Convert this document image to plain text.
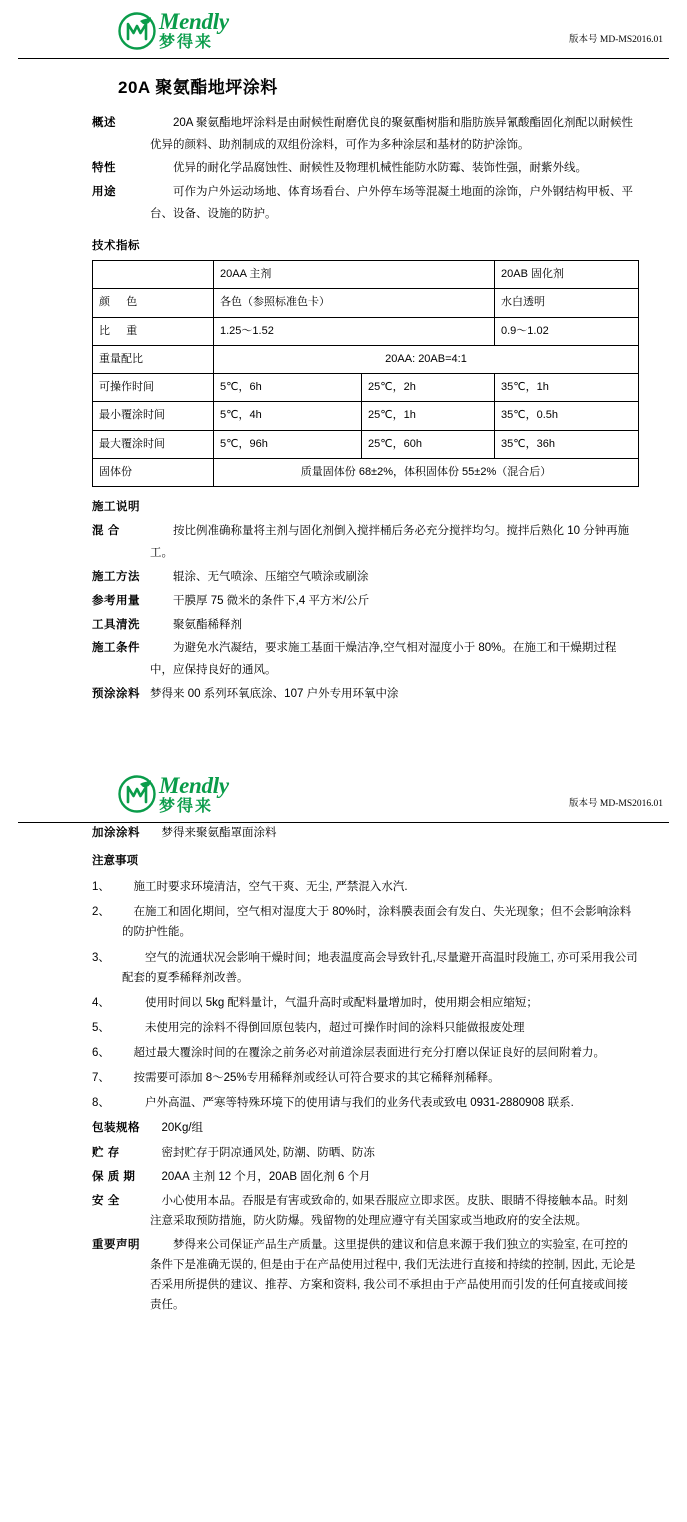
Mendly
梦得来	版本号 MD-MS2016.01
20A 聚氨酯地坪涂料
概述	20A 聚氨酯地坪涂料是由耐候性耐磨优良的聚氨酯树脂和脂肪族异氰酸酯固化剂配以耐候性优异的颜料、助剂制成的双组份涂料，可作为多种涂层和基材的防护涂饰。
特性	优异的耐化学品腐蚀性、耐候性及物理机械性能防水防霉、装饰性强，耐紫外线。
用途	可作为户外运动场地、体育场看台、户外停车场等混凝土地面的涂饰，户外钢结构甲板、平台、设备、设施的防护。
技术指标
	20AA 主剂		20AB 固化剂
颜 色	各色（参照标准色卡）		水白透明
比 重	1.25～1.52		0.9～1.02
重量配比	20AA: 20AB=4:1		
可操作时间	5℃，6h	25℃，2h	35℃，1h
最小覆涂时间	5℃，4h	25℃，1h	35℃，0.5h
最大覆涂时间	5℃，96h	25℃，60h	35℃，36h
固体份	质量固体份 68±2%，体积固体份 55±2%（混合后）		
施工说明
混 合	按比例准确称量将主剂与固化剂倒入搅拌桶后务必充分搅拌均匀。搅拌后熟化 10 分钟再施工。
施工方法	辊涂、无气喷涂、压缩空气喷涂或刷涂
参考用量	干膜厚 75 微米的条件下,4 平方米/公斤
工具清洗	聚氨酯稀释剂
施工条件	为避免水汽凝结，要求施工基面干燥洁净,空气相对湿度小于 80%。在施工和干燥期过程中，应保持良好的通风。
预涂涂料 梦得来 00 系列环氧底涂、107 户外专用环氧中涂
Mendly
梦得来	版本号 MD-MS2016.01
加涂涂料	梦得来聚氨酯罩面涂料
注意事项
1、	施工时要求环境清洁，空气干爽、无尘, 严禁混入水汽.
2、	在施工和固化期间，空气相对湿度大于 80%时，涂料膜表面会有发白、失光现象；但不会影响涂料的防护性能。
3、	空气的流通状况会影响干燥时间；地表温度高会导致针孔,尽量避开高温时段施工, 亦可采用我公司配套的夏季稀释剂改善。
4、	使用时间以 5kg 配料量计，气温升高时或配料量增加时，使用期会相应缩短；
5、	未使用完的涂料不得倒回原包装内，超过可操作时间的涂料只能做报废处理
6、	超过最大覆涂时间的在覆涂之前务必对前道涂层表面进行充分打磨以保证良好的层间附着力。
7、	按需要可添加 8～25%专用稀释剂或经认可符合要求的其它稀释剂稀释。
8、	户外高温、严寒等特殊环境下的使用请与我们的业务代表或致电 0931-2880908 联系.
包装规格	20Kg/组
贮 存	密封贮存于阴凉通风处, 防潮、防晒、防冻
保 质 期	20AA 主剂 12 个月，20AB 固化剂 6 个月
安 全	小心使用本品。吞服是有害或致命的, 如果吞服应立即求医。皮肤、眼睛不得接触本品。时刻注意采取预防措施，防火防爆。残留物的处理应遵守有关国家或当地政府的安全法规。
重要声明	梦得来公司保证产品生产质量。这里提供的建议和信息来源于我们独立的实验室, 在可控的条件下是准确无误的, 但是由于在产品使用过程中, 我们无法进行直接和持续的控制, 因此, 无论是否采用所提供的建议、推荐、方案和资料, 我公司不承担由于产品使用而引发的任何直接或间接责任。
